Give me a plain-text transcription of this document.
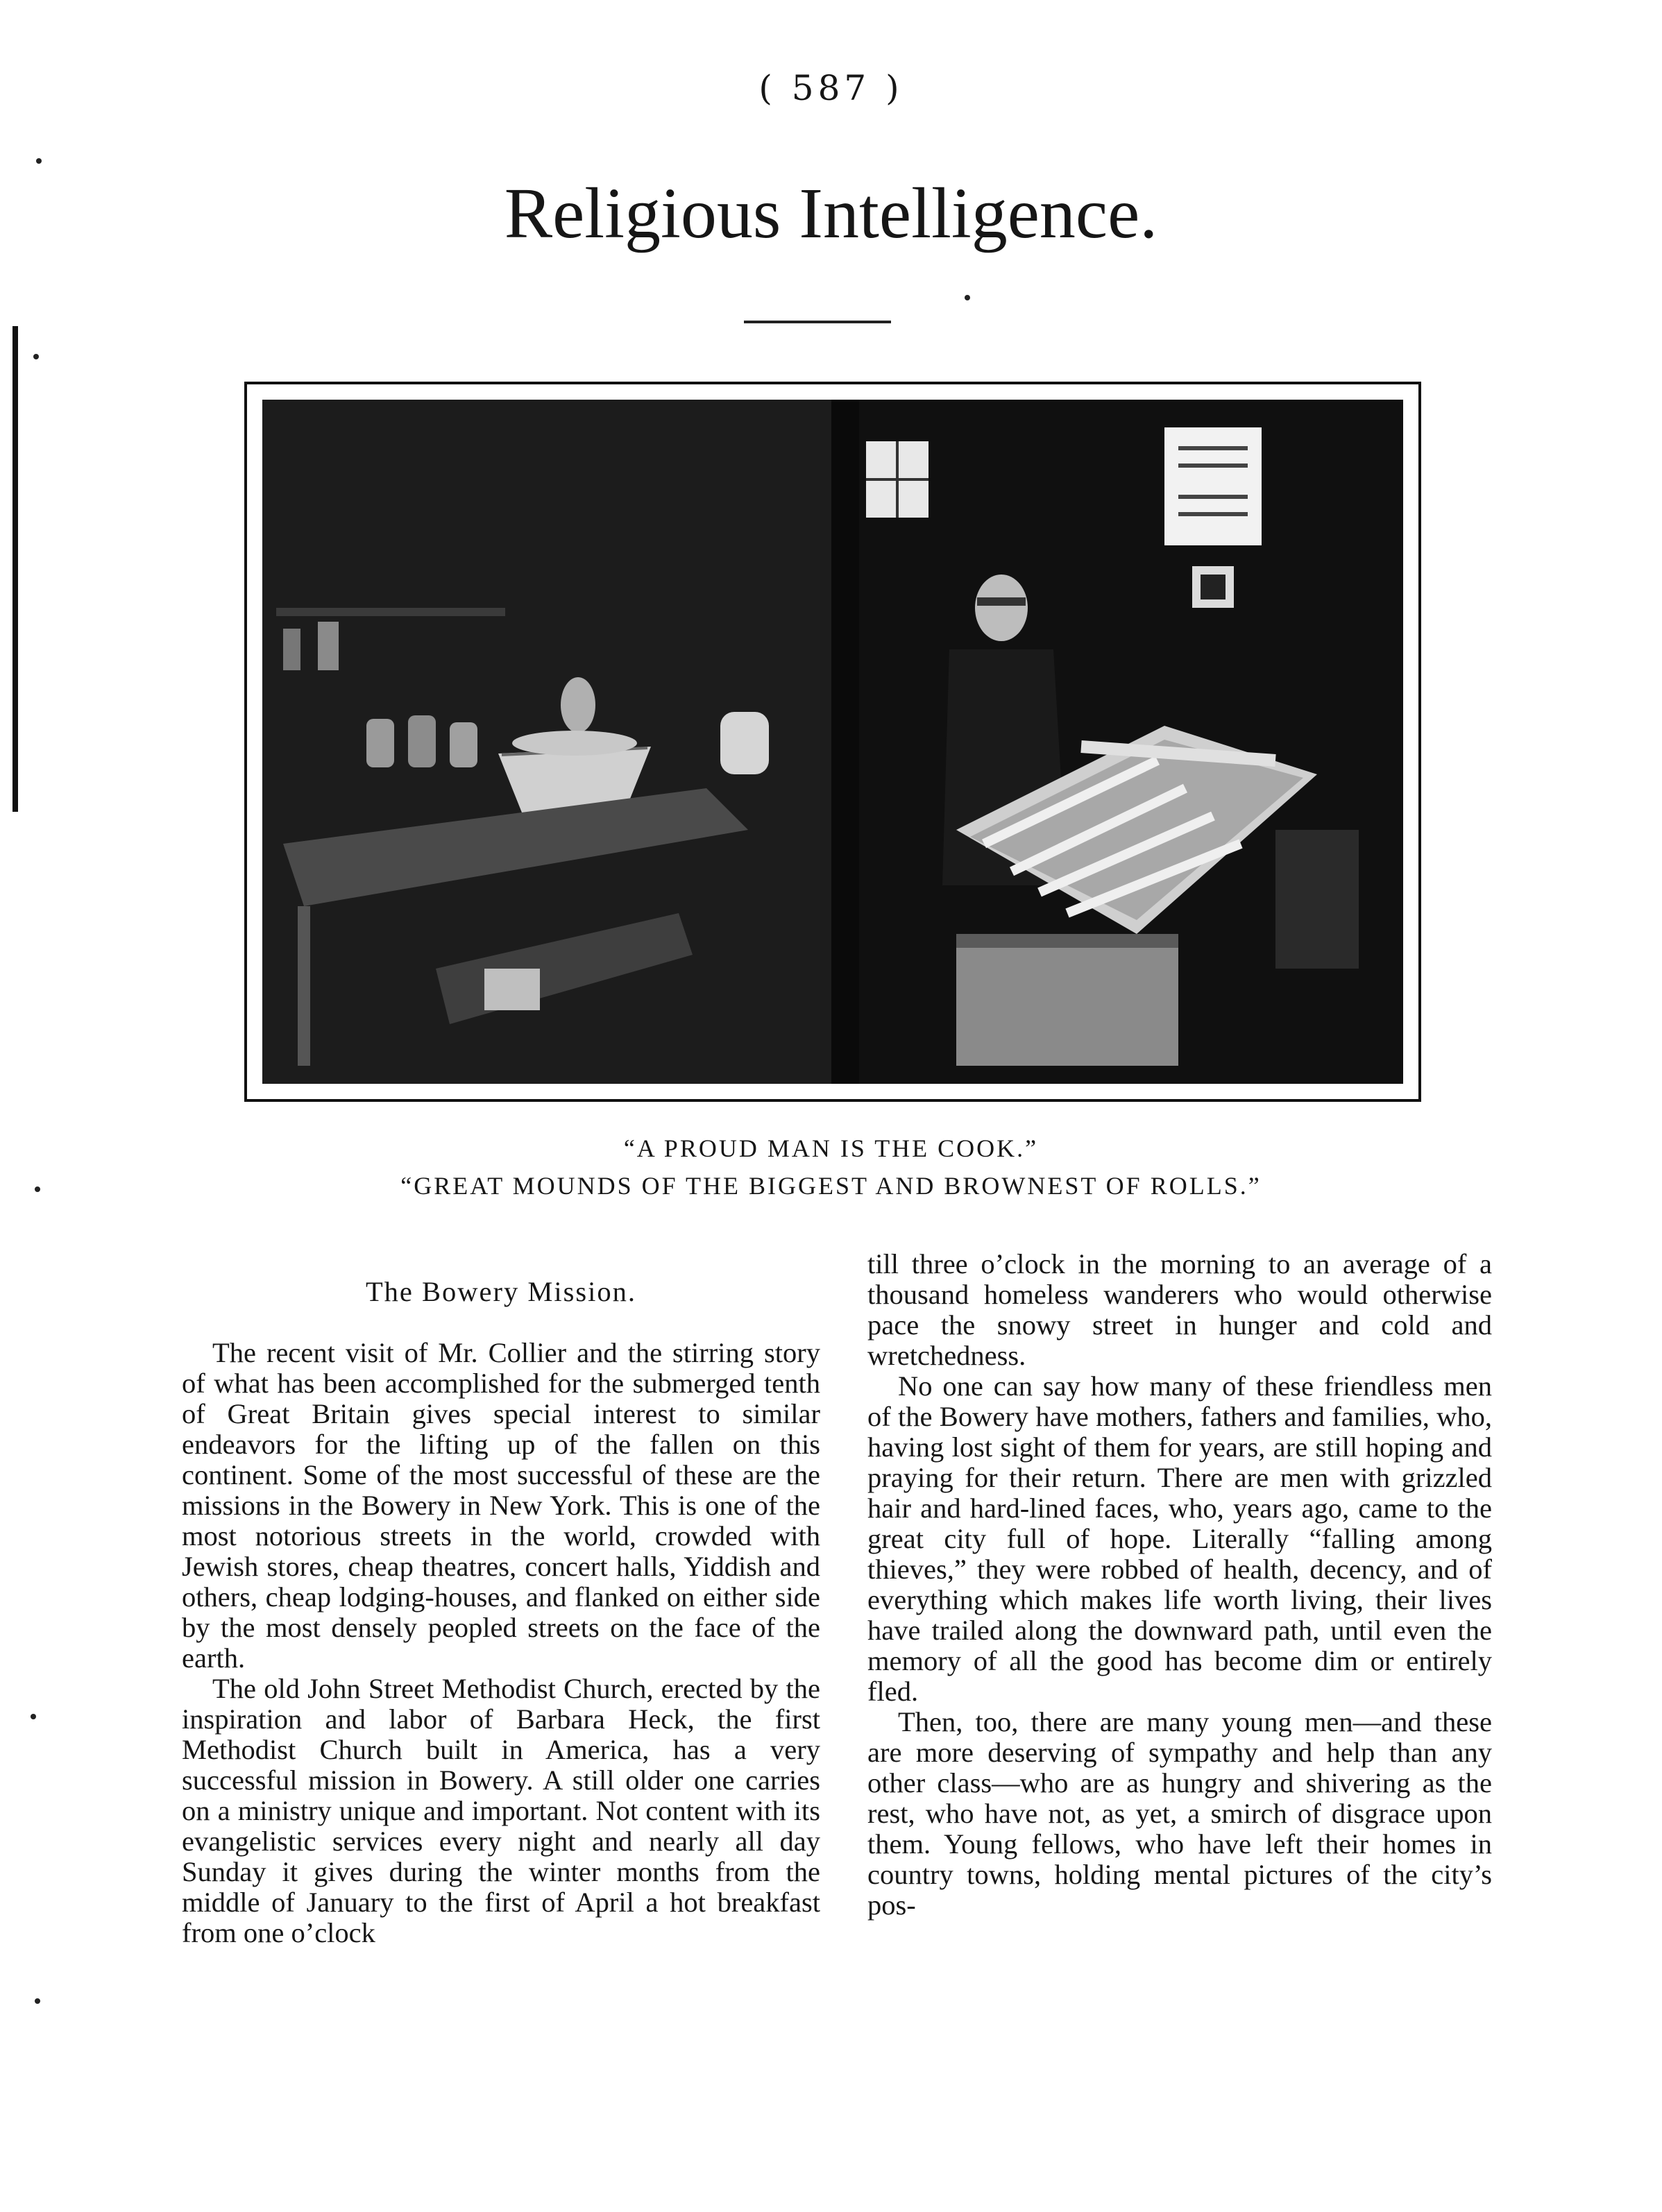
( 587 )
Religious Intelligence.
“A PROUD MAN IS THE COOK.”
“GREAT MOUNDS OF THE BIGGEST AND BROWNEST OF ROLLS.”
The Bowery Mission.

The recent visit of Mr. Collier and the stirring story of what has been accomplished for the submerged tenth of Great Britain gives special interest to similar endeavors for the lifting up of the fallen on this continent. Some of the most successful of these are the missions in the Bowery in New York. This is one of the most notorious streets in the world, crowded with Jewish stores, cheap theatres, concert halls, Yiddish and others, cheap lodging-houses, and flanked on either side by the most densely peopled streets on the face of the earth.

The old John Street Methodist Church, erected by the inspiration and labor of Barbara Heck, the first Methodist Church built in America, has a very successful mission in Bowery. A still older one carries on a ministry unique and important. Not content with its evangelistic services every night and nearly all day Sunday it gives during the winter months from the middle of January to the first of April a hot breakfast from one o’clock

till three o’clock in the morning to an average of a thousand homeless wanderers who would otherwise pace the snowy street in hunger and cold and wretchedness.

No one can say how many of these friendless men of the Bowery have mothers, fathers and families, who, having lost sight of them for years, are still hoping and praying for their return. There are men with grizzled hair and hard-lined faces, who, years ago, came to the great city full of hope. Literally “falling among thieves,” they were robbed of health, decency, and of everything which makes life worth living, their lives have trailed along the downward path, until even the memory of all the good has become dim or entirely fled.

Then, too, there are many young men—and these are more deserving of sympathy and help than any other class—who are as hungry and shivering as the rest, who have not, as yet, a smirch of disgrace upon them. Young fellows, who have left their homes in country towns, holding mental pictures of the city’s pos-
